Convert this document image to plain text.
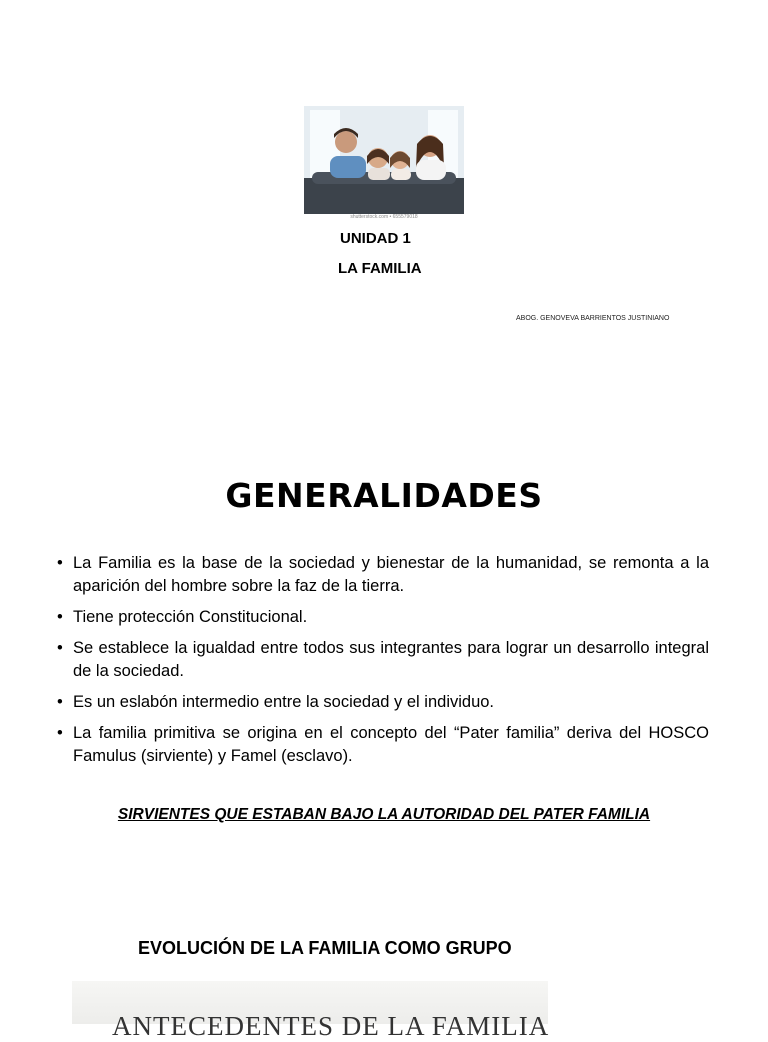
shutterstock.com • 655579018
UNIDAD 1
LA FAMILIA
ABOG. GENOVEVA BARRIENTOS JUSTINIANO
GENERALIDADES
• La Familia es la base de la sociedad y bienestar de la humanidad, se remonta a la aparición del hombre sobre la faz de la tierra.
• Tiene protección Constitucional.
• Se establece la igualdad entre todos sus integrantes para lograr un desarrollo integral de la sociedad.
• Es un eslabón intermedio entre la sociedad y el individuo.
• La familia primitiva se origina en el concepto del “Pater familia” deriva del HOSCO Famulus (sirviente) y Famel (esclavo).
SIRVIENTES QUE ESTABAN BAJO LA AUTORIDAD DEL PATER FAMILIA
EVOLUCIÓN DE LA FAMILIA COMO GRUPO
ANTECEDENTES DE LA FAMILIA
